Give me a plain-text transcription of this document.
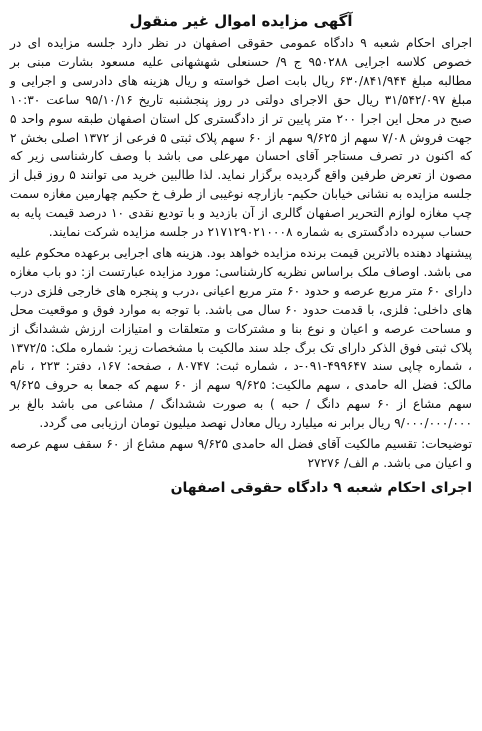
آگهی مزایده اموال غیر منقول

اجرای احکام شعبه ۹ دادگاه عمومی حقوقی اصفهان در نظر دارد جلسه مزایده ای در خصوص کلاسه اجرایی ۹۵۰۲۸۸ ج ۹/ حسنعلی شهشهانی علیه مسعود بشارت مبنی بر مطالبه مبلغ ۶۳۰/۸۴۱/۹۴۴ ریال بابت اصل خواسته و ریال هزینه های دادرسی و اجرایی و مبلغ ۳۱/۵۴۲/۰۹۷ ریال حق الاجرای دولتی در روز پنجشنبه تاریخ ۹۵/۱۰/۱۶ ساعت ۱۰:۳۰ صبح در محل این اجرا ۲۰۰ متر پایین تر از دادگستری کل استان اصفهان طبقه سوم واحد ۵ جهت فروش ۷/۰۸ سهم از ۹/۶۲۵ سهم از ۶۰ سهم پلاک ثبتی ۵ فرعی از ۱۳۷۲ اصلی بخش ۲ که اکنون در تصرف مستاجر آقای احسان مهرعلی می باشد با وصف کارشناسی زیر که مصون از تعرض طرفین واقع گردیده برگزار نماید. لذا طالبین خرید می توانند ۵ روز قبل از جلسه مزایده به نشانی خیابان حکیم- بازارچه نوغیبی از طرف خ حکیم چهارمین مغازه سمت چپ مغازه لوازم التحریر اصفهان گالری از آن بازدید و با تودیع نقدی ۱۰ درصد قیمت پایه به حساب سپرده دادگستری به شماره ۲۱۷۱۲۹۰۲۱۰۰۰۸ در جلسه مزایده شرکت نمایند.

پیشنهاد دهنده بالاترین قیمت برنده مزایده خواهد بود. هزینه های اجرایی برعهده محکوم علیه می باشد. اوصاف ملک براساس نظریه کارشناسی: مورد مزایده عبارتست از: دو باب مغازه دارای ۶۰ متر مربع عرصه و حدود ۶۰ متر مربع اعیانی ،درب و پنجره های خارجی فلزی درب های داخلی: فلزی، با قدمت حدود ۶۰ سال می باشد. با توجه به موارد فوق و موقعیت محل و مساحت عرصه و اعیان و نوع بنا و مشترکات و متعلقات و امتیازات ارزش ششدانگ از پلاک ثبتی فوق الذکر دارای تک برگ جلد سند مالکیت با مشخصات زیر: شماره ملک: ۱۳۷۲/۵ ، شماره چاپی سند ۴۹۹۶۴۷-۰۹۱-د ، شماره ثبت: ۸۰۷۴۷ ، صفحه: ۱۶۷، دفتر: ۲۲۳ ، نام مالک: فضل اله حامدی ، سهم مالکیت: ۹/۶۲۵ سهم از ۶۰ سهم که جمعا به حروف ۹/۶۲۵ سهم مشاع از ۶۰ سهم دانگ / حبه ) به صورت ششدانگ / مشاعی می باشد بالغ بر ۹/۰۰۰/۰۰۰/۰۰۰ ریال برابر نه میلیارد ریال معادل نهصد میلیون تومان ارزیابی می گردد.

توضیحات: تقسیم مالکیت آقای فضل اله حامدی ۹/۶۲۵ سهم مشاع از ۶۰ سقف سهم عرصه و اعیان می باشد. م الف/ ۲۷۲۷۶

اجرای احکام شعبه ۹ دادگاه حقوقی اصفهان
